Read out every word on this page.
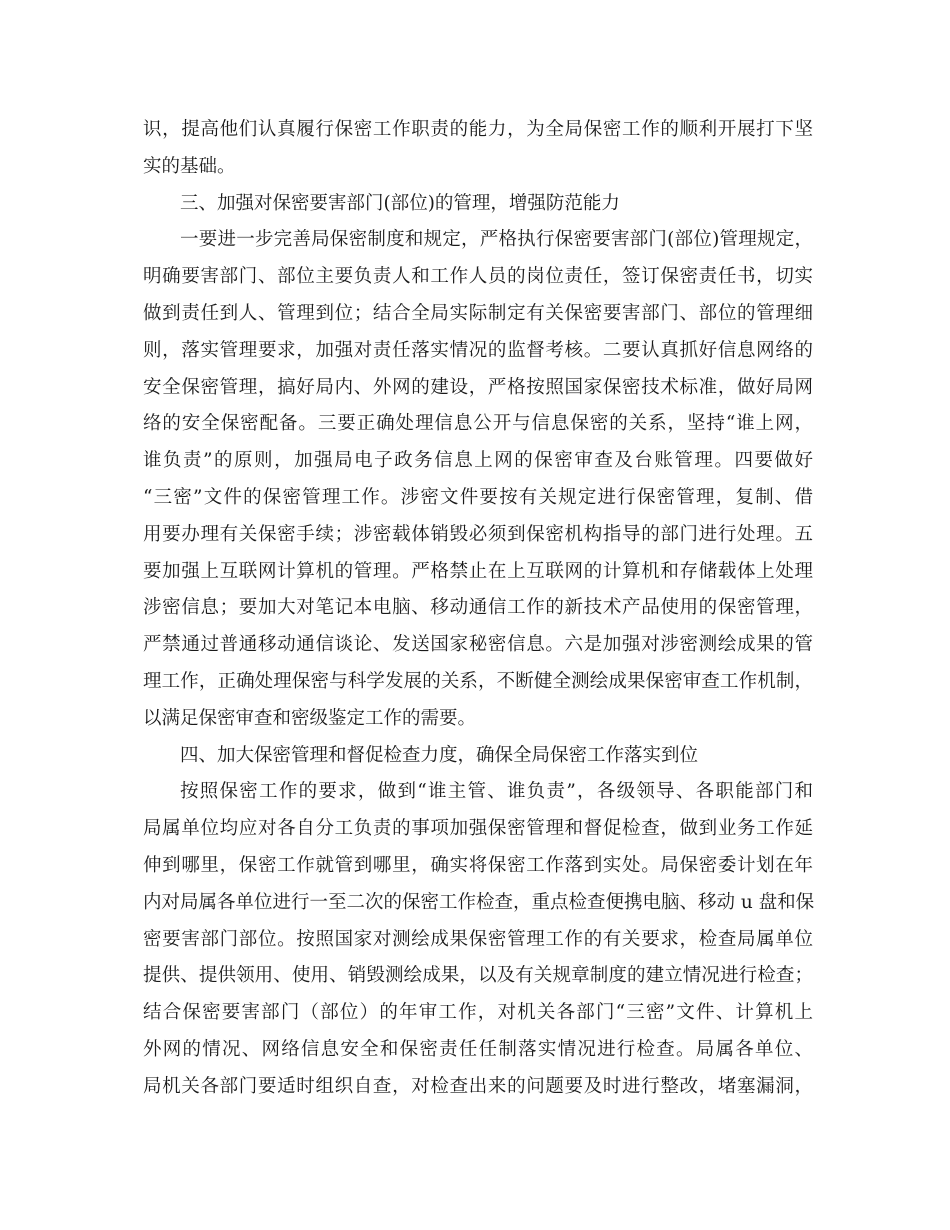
识，提高他们认真履行保密工作职责的能力，为全局保密工作的顺利开展打下坚
实的基础。
三、加强对保密要害部门(部位)的管理，增强防范能力
一要进一步完善局保密制度和规定，严格执行保密要害部门(部位)管理规定，
明确要害部门、部位主要负责人和工作人员的岗位责任，签订保密责任书，切实
做到责任到人、管理到位；结合全局实际制定有关保密要害部门、部位的管理细
则，落实管理要求，加强对责任落实情况的监督考核。二要认真抓好信息网络的
安全保密管理，搞好局内、外网的建设，严格按照国家保密技术标准，做好局网
络的安全保密配备。三要正确处理信息公开与信息保密的关系，坚持“谁上网，
谁负责”的原则，加强局电子政务信息上网的保密审查及台账管理。四要做好
“三密”文件的保密管理工作。涉密文件要按有关规定进行保密管理，复制、借
用要办理有关保密手续；涉密载体销毁必须到保密机构指导的部门进行处理。五
要加强上互联网计算机的管理。严格禁止在上互联网的计算机和存储载体上处理
涉密信息；要加大对笔记本电脑、移动通信工作的新技术产品使用的保密管理，
严禁通过普通移动通信谈论、发送国家秘密信息。六是加强对涉密测绘成果的管
理工作，正确处理保密与科学发展的关系，不断健全测绘成果保密审查工作机制，
以满足保密审查和密级鉴定工作的需要。
四、加大保密管理和督促检查力度，确保全局保密工作落实到位
按照保密工作的要求，做到“谁主管、谁负责”，各级领导、各职能部门和
局属单位均应对各自分工负责的事项加强保密管理和督促检查，做到业务工作延
伸到哪里，保密工作就管到哪里，确实将保密工作落到实处。局保密委计划在年
内对局属各单位进行一至二次的保密工作检查，重点检查便携电脑、移动 u 盘和保
密要害部门部位。按照国家对测绘成果保密管理工作的有关要求，检查局属单位
提供、提供领用、使用、销毁测绘成果，以及有关规章制度的建立情况进行检查；
结合保密要害部门（部位）的年审工作，对机关各部门“三密”文件、计算机上
外网的情况、网络信息安全和保密责任任制落实情况进行检查。局属各单位、
局机关各部门要适时组织自查，对检查出来的问题要及时进行整改，堵塞漏洞，
